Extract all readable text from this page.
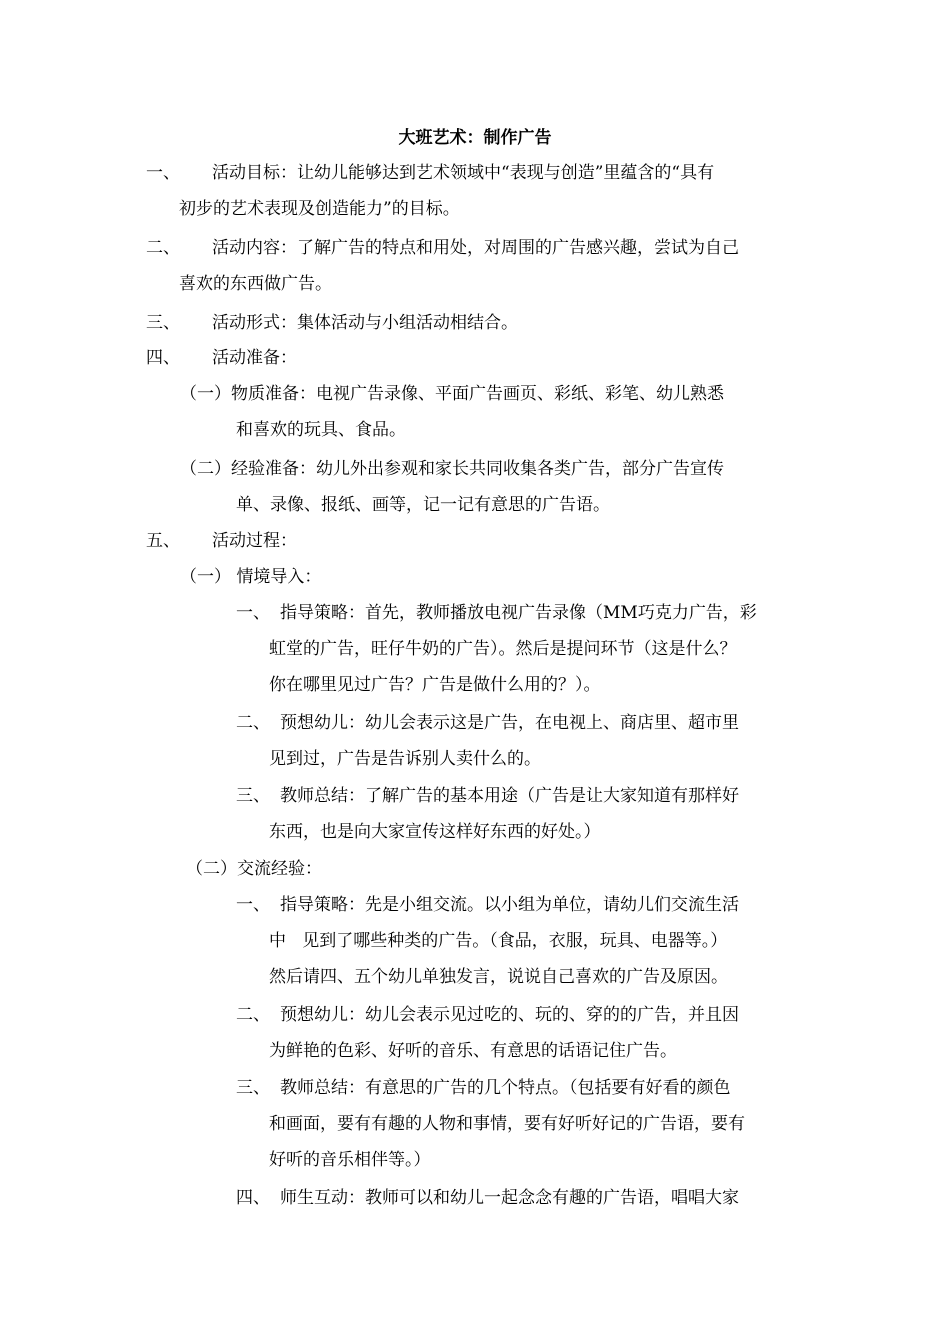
大班艺术：制作广告
一、 活动目标：让幼儿能够达到艺术领域中“表现与创造”里蕴含的“具有
初步的艺术表现及创造能力”的目标。
二、 活动内容：了解广告的特点和用处，对周围的广告感兴趣，尝试为自己
喜欢的东西做广告。
三、 活动形式：集体活动与小组活动相结合。
四、 活动准备：
（一）物质准备：电视广告录像、平面广告画页、彩纸、彩笔、幼儿熟悉
和喜欢的玩具、食品。
（二）经验准备：幼儿外出参观和家长共同收集各类广告，部分广告宣传
单、录像、报纸、画等，记一记有意思的广告语。
五、 活动过程：
（一） 情境导入：
一、 指导策略：首先，教师播放电视广告录像（MM巧克力广告，彩
虹堂的广告，旺仔牛奶的广告）。然后是提问环节（这是什么？
你在哪里见过广告？广告是做什么用的？）。
二、 预想幼儿：幼儿会表示这是广告，在电视上、商店里、超市里
见到过，广告是告诉别人卖什么的。
三、 教师总结：了解广告的基本用途（广告是让大家知道有那样好
东西，也是向大家宣传这样好东西的好处。）
（二）交流经验：
一、 指导策略：先是小组交流。以小组为单位，请幼儿们交流生活
中   见到了哪些种类的广告。（食品，衣服，玩具、电器等。）
然后请四、五个幼儿单独发言，说说自己喜欢的广告及原因。
二、 预想幼儿：幼儿会表示见过吃的、玩的、穿的的广告，并且因
为鲜艳的色彩、好听的音乐、有意思的话语记住广告。
三、 教师总结：有意思的广告的几个特点。（包括要有好看的颜色
和画面，要有有趣的人物和事情，要有好听好记的广告语，要有
好听的音乐相伴等。）
四、 师生互动：教师可以和幼儿一起念念有趣的广告语，唱唱大家
